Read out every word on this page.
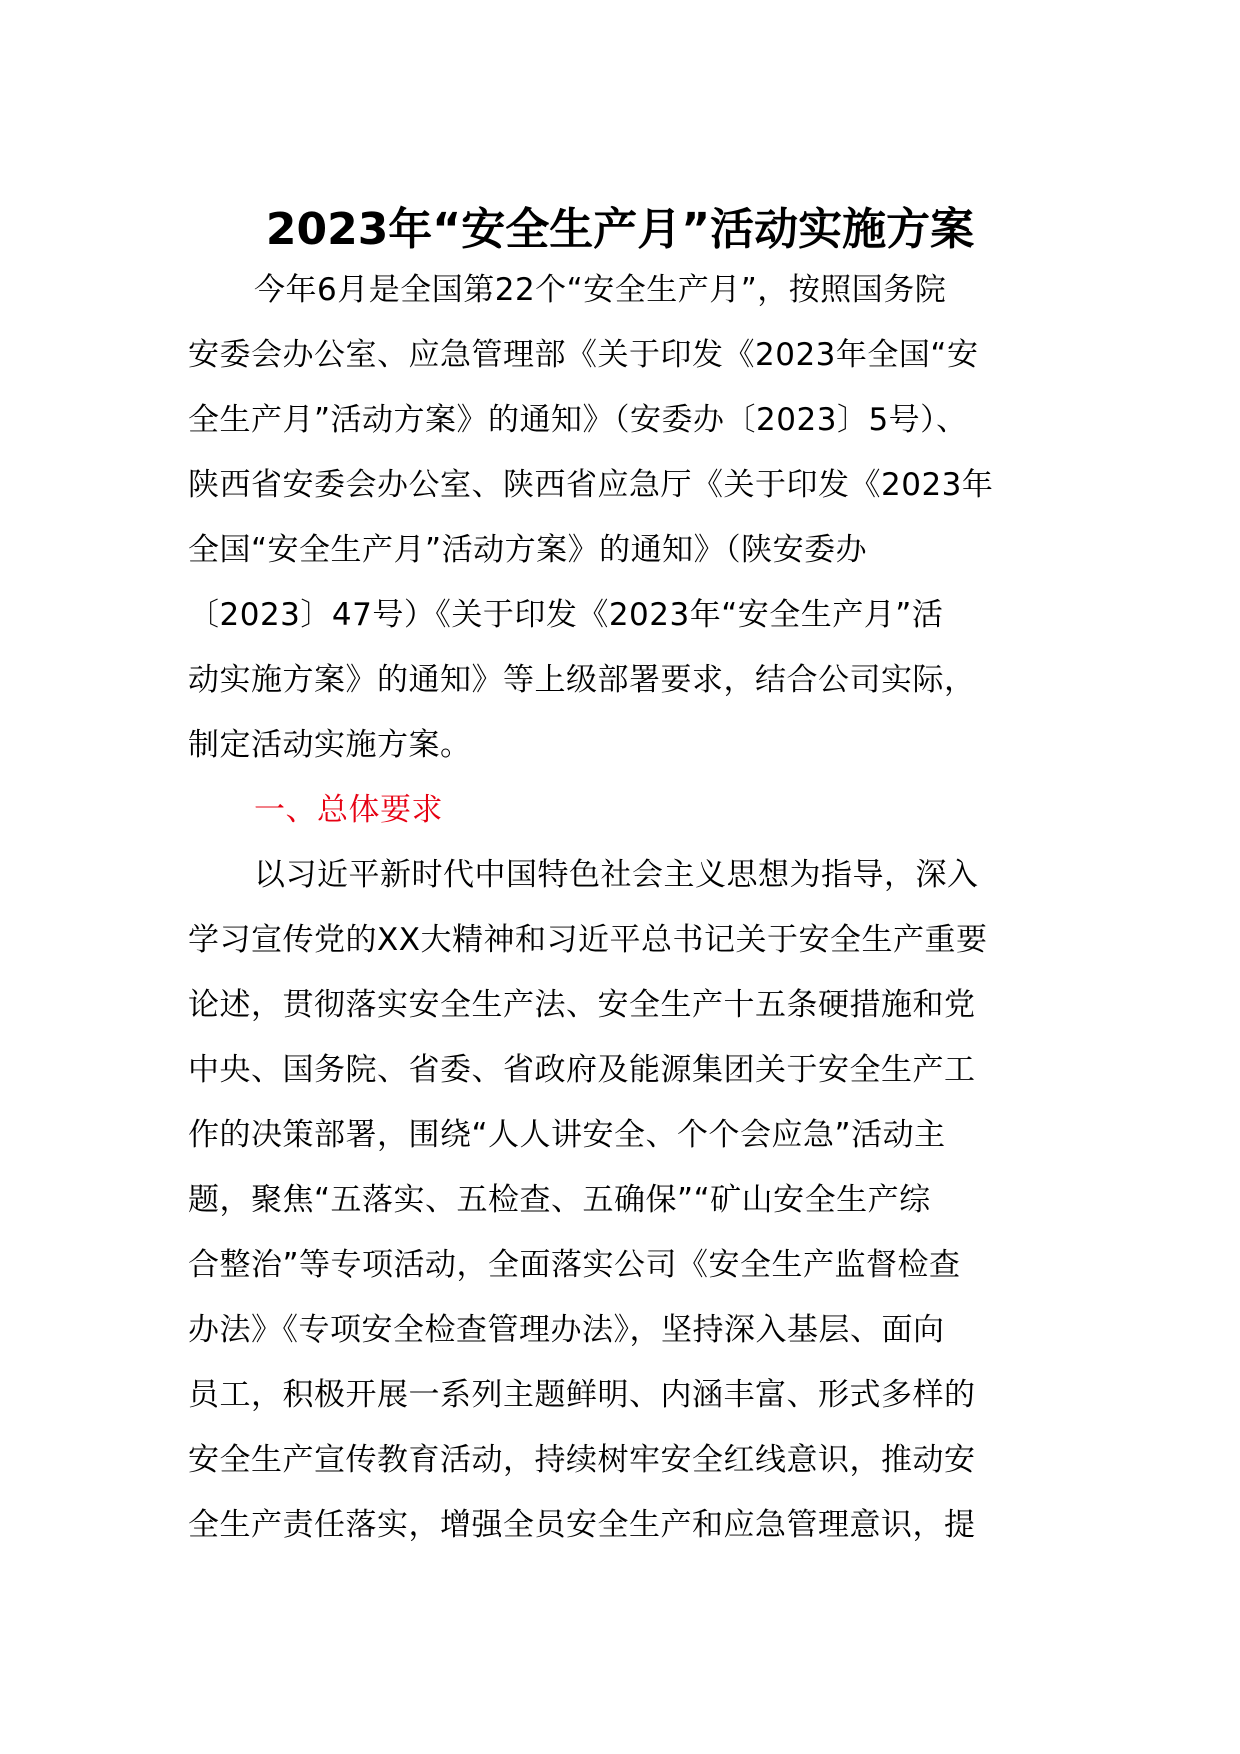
2023年“安全生产月”活动实施方案
今年6月是全国第22个“安全生产月”，按照国务院
安委会办公室、应急管理部《关于印发《2023年全国“安
全生产月”活动方案》的通知》（安委办〔2023〕5号）、
陕西省安委会办公室、陕西省应急厅《关于印发《2023年
全国“安全生产月”活动方案》的通知》（陕安委办
〔2023〕47号）《关于印发《2023年“安全生产月”活
动实施方案》的通知》等上级部署要求，结合公司实际，
制定活动实施方案。
一、总体要求
以习近平新时代中国特色社会主义思想为指导，深入
学习宣传党的XX大精神和习近平总书记关于安全生产重要
论述，贯彻落实安全生产法、安全生产十五条硬措施和党
中央、国务院、省委、省政府及能源集团关于安全生产工
作的决策部署，围绕“人人讲安全、个个会应急”活动主
题，聚焦“五落实、五检查、五确保”“矿山安全生产综
合整治”等专项活动，全面落实公司《安全生产监督检查
办法》《专项安全检查管理办法》，坚持深入基层、面向
员工，积极开展一系列主题鲜明、内涵丰富、形式多样的
安全生产宣传教育活动，持续树牢安全红线意识，推动安
全生产责任落实，增强全员安全生产和应急管理意识，提
